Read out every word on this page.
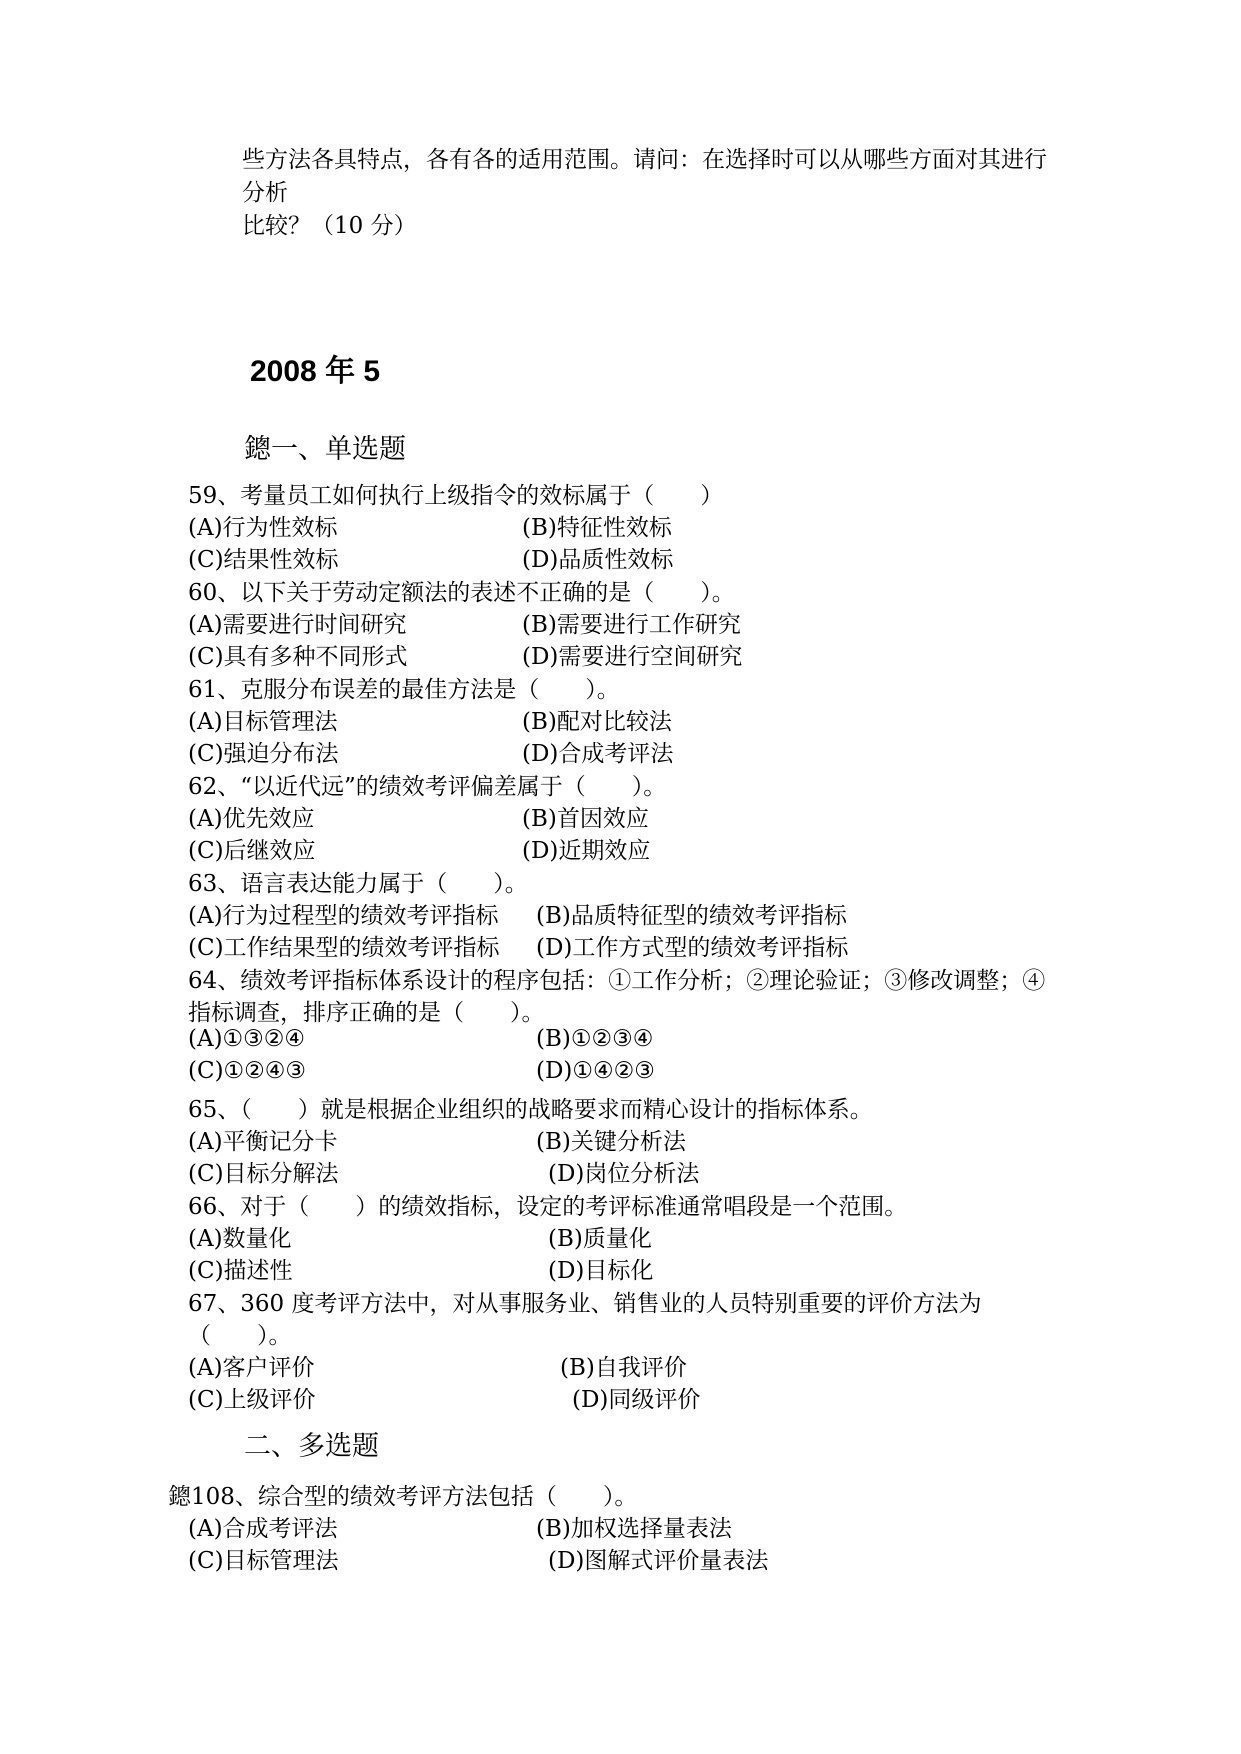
些方法各具特点，各有各的适用范围。请问：在选择时可以从哪些方面对其进行分析
比较？（10 分）
2008 年 5
鏓一、单选题
59、考量员工如何执行上级指令的效标属于（　　）
(A)行为性效标	(B)特征性效标
(C)结果性效标	(D)品质性效标
60、以下关于劳动定额法的表述不正确的是（　　）。
(A)需要进行时间研究	(B)需要进行工作研究
(C)具有多种不同形式	(D)需要进行空间研究
61、克服分布误差的最佳方法是（　　）。
(A)目标管理法	(B)配对比较法
(C)强迫分布法	(D)合成考评法
62、“以近代远”的绩效考评偏差属于（　　）。
(A)优先效应	(B)首因效应
(C)后继效应	(D)近期效应
63、语言表达能力属于（　　）。
(A)行为过程型的绩效考评指标 (B)品质特征型的绩效考评指标
(C)工作结果型的绩效考评指标 (D)工作方式型的绩效考评指标
64、绩效考评指标体系设计的程序包括：①工作分析；②理论验证；③修改调整；④
指标调查，排序正确的是（　　）。
(A)①③②④	(B)①②③④
(C)①②④③	(D)①④②③
65、（　　）就是根据企业组织的战略要求而精心设计的指标体系。
(A)平衡记分卡	(B)关键分析法
(C)目标分解法	(D)岗位分析法
66、对于（　　）的绩效指标，设定的考评标准通常唱段是一个范围。
(A)数量化	(B)质量化
(C)描述性	(D)目标化
67、360 度考评方法中，对从事服务业、销售业的人员特别重要的评价方法为
（　　）。
(A)客户评价	(B)自我评价
(C)上级评价	(D)同级评价
二、多选题
鏓108、综合型的绩效考评方法包括（　　）。
(A)合成考评法	(B)加权选择量表法
(C)目标管理法	(D)图解式评价量表法
